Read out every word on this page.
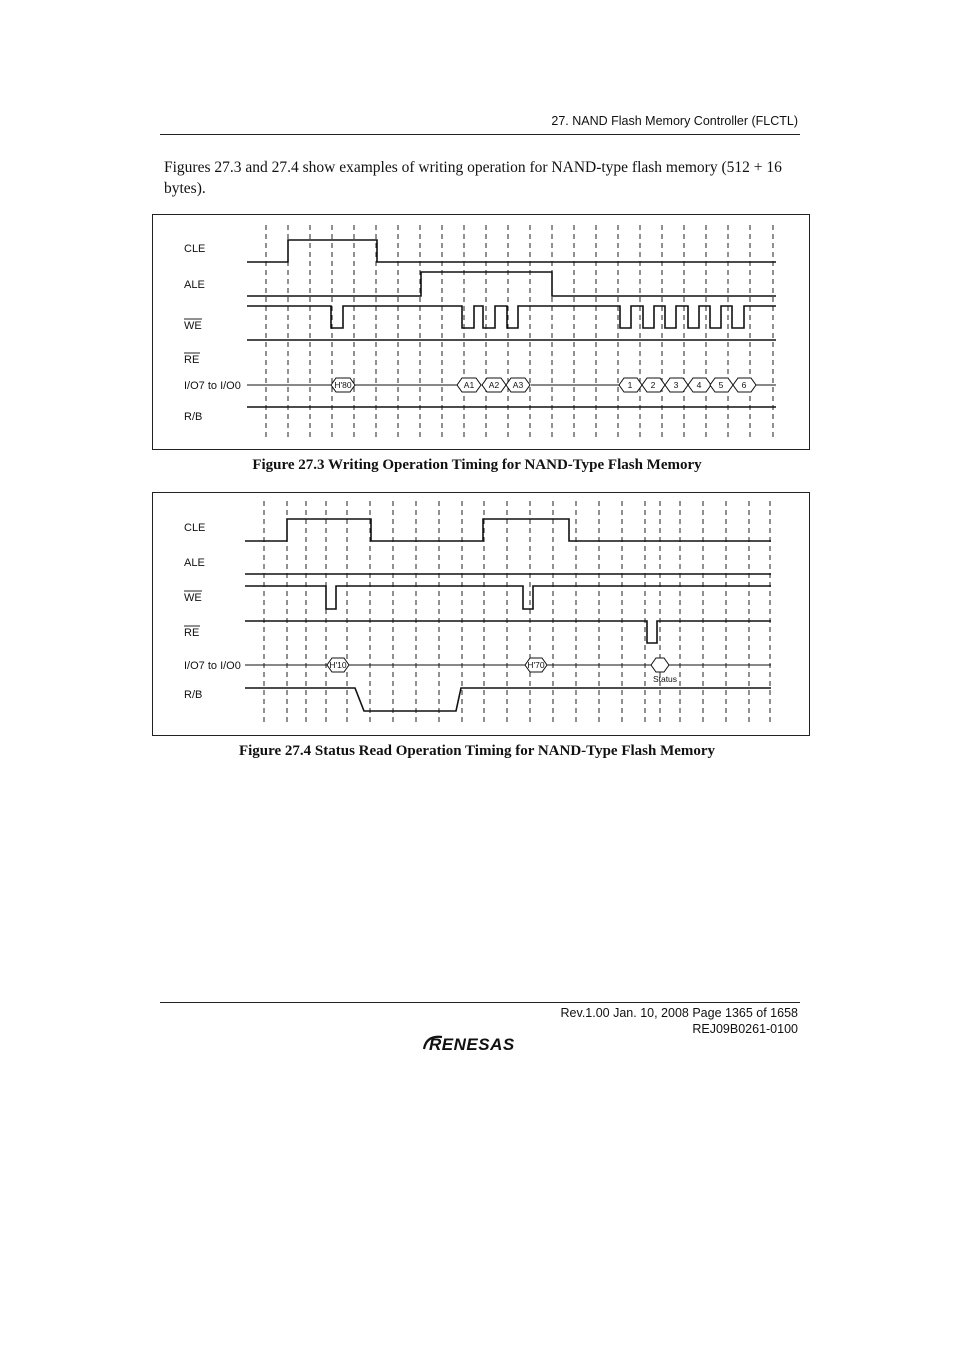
27. NAND Flash Memory Controller (FLCTL)
Figures 27.3 and 27.4 show examples of writing operation for NAND-type flash memory (512 + 16 bytes).
CLE
ALE
WE
RE
I/O7 to I/O0
R/B
H'80	A1 A2 A3	1 2 3 4 5 6
Figure 27.3 Writing Operation Timing for NAND-Type Flash Memory
CLE
ALE
WE
RE
I/O7 to I/O0
R/B
H'10	H'70
Status
Figure 27.4 Status Read Operation Timing for NAND-Type Flash Memory
Rev.1.00 Jan. 10, 2008 Page 1365 of 1658
REJ09B0261-0100
RENESAS
